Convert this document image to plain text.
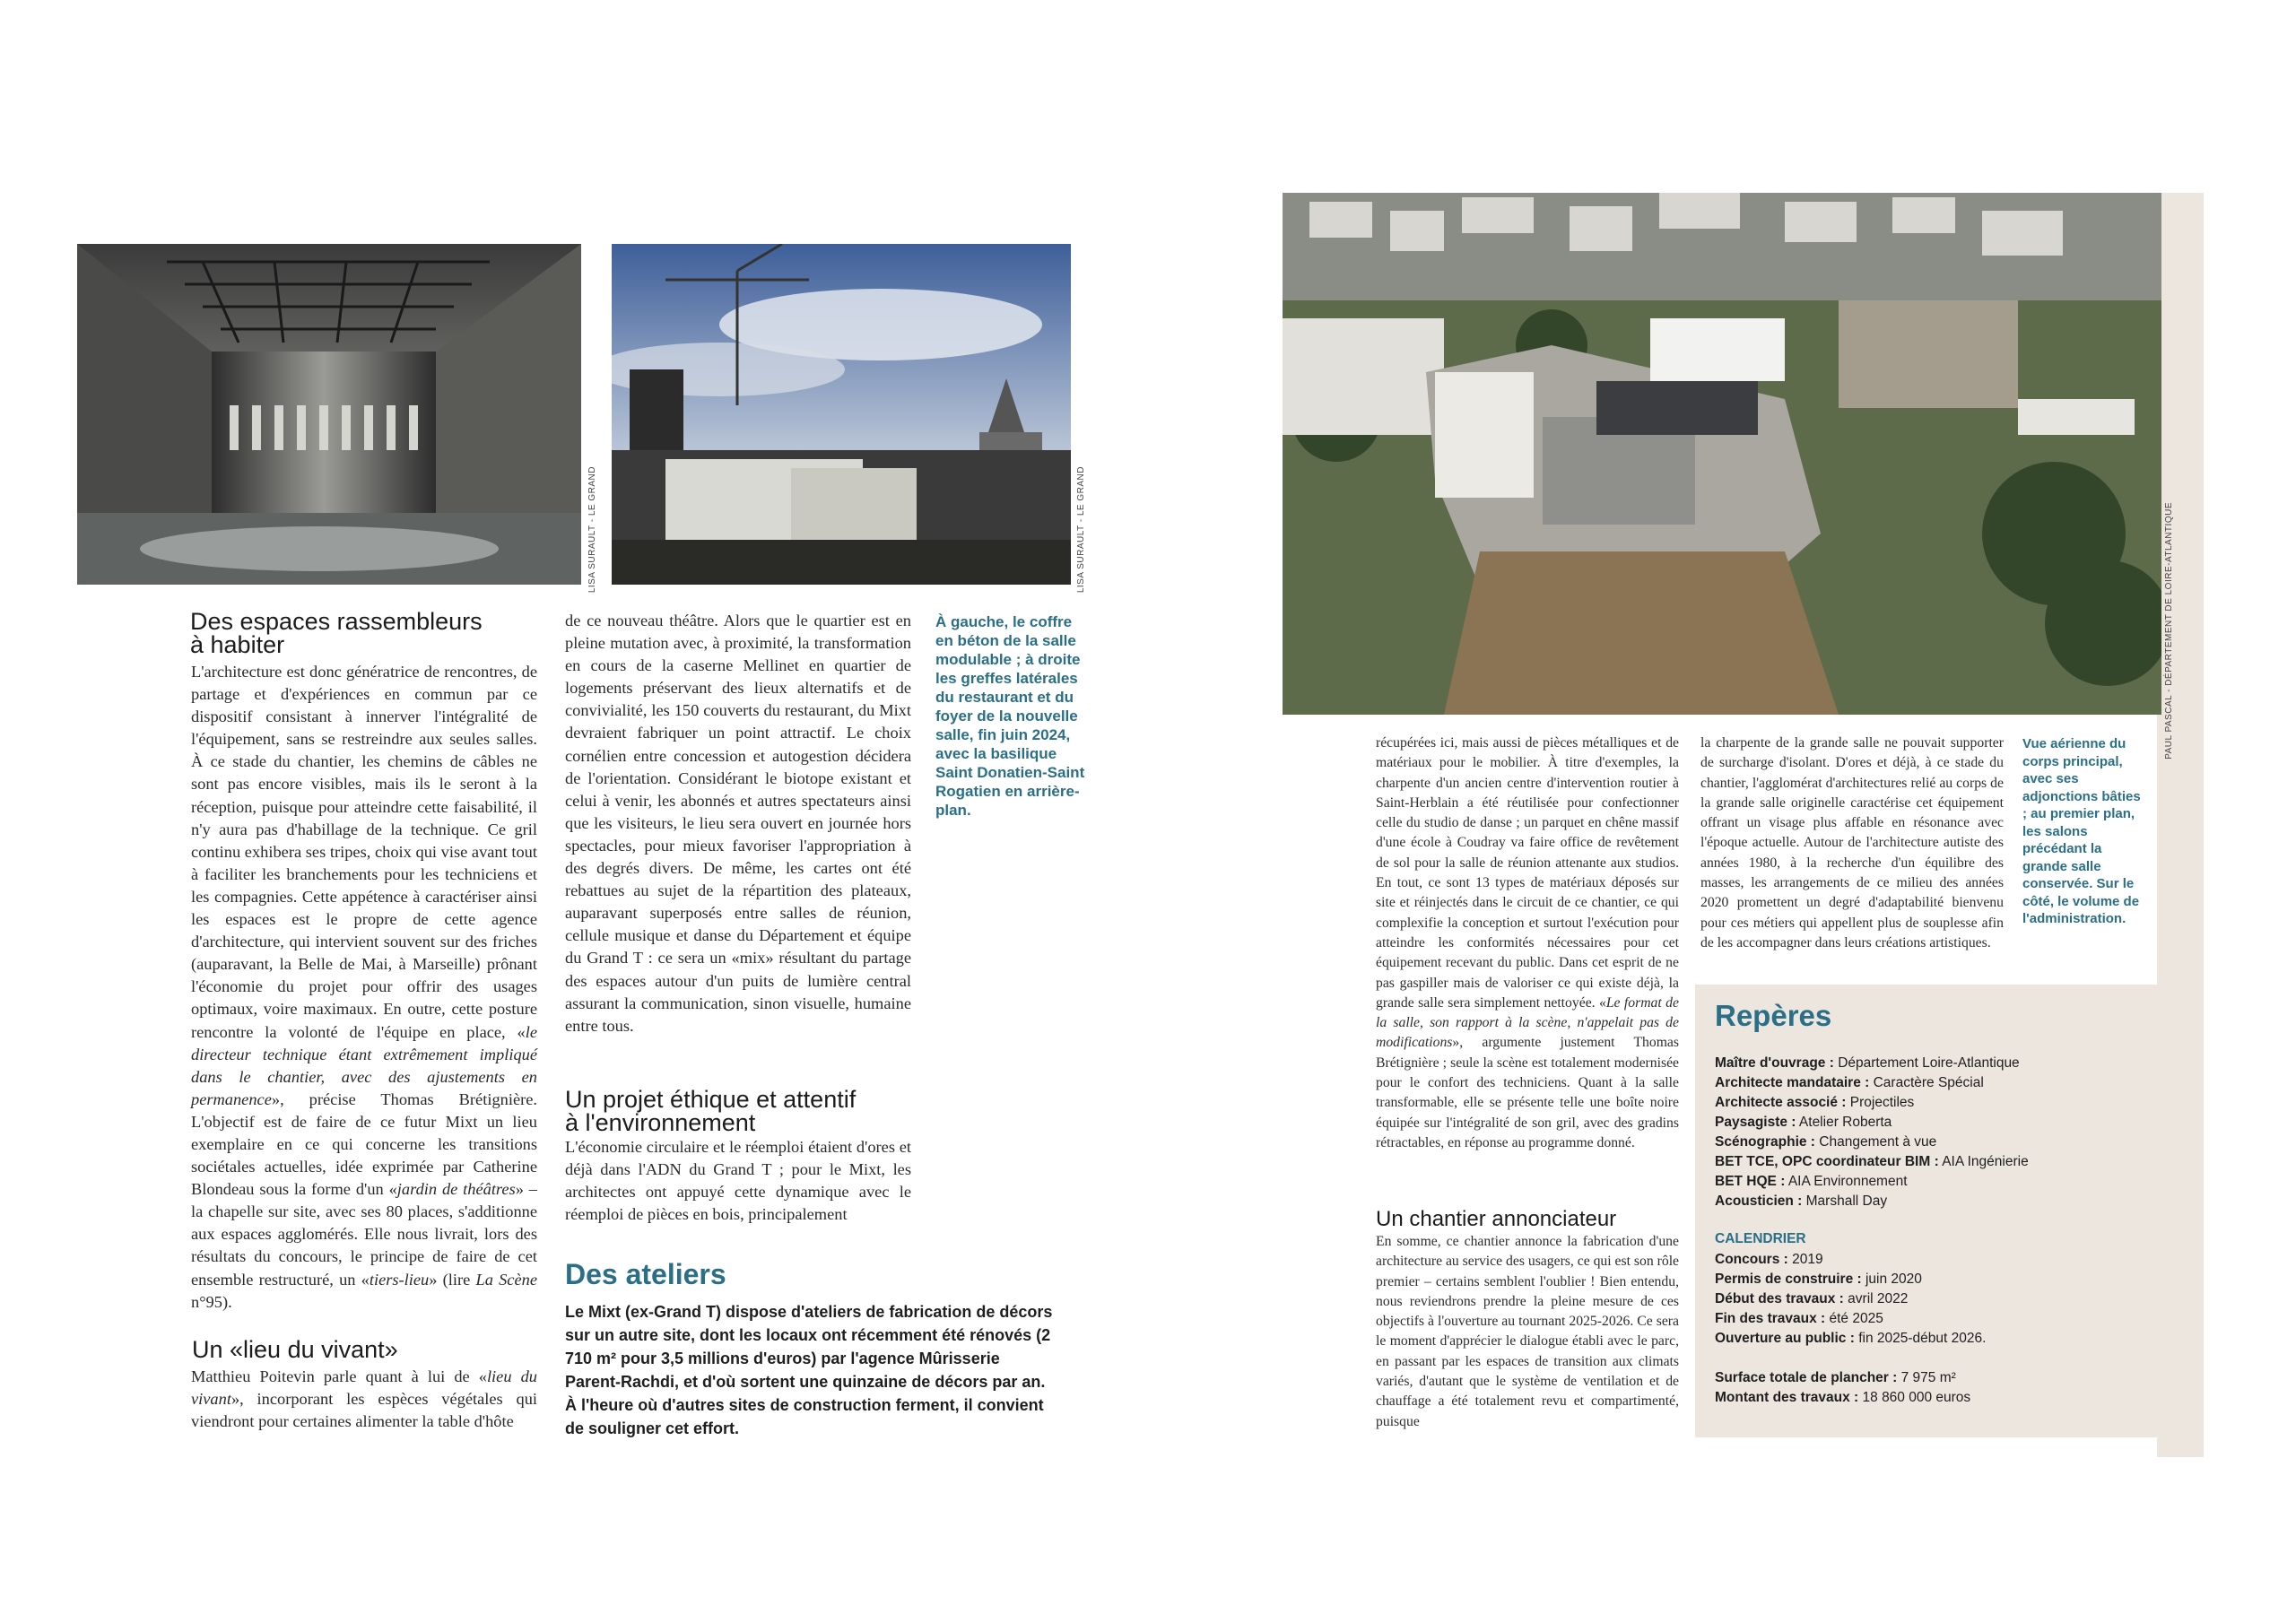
LISA SURAULT - LE GRAND	LISA SURAULT - LE GRAND
À gauche, le coffre en béton de la salle modulable ; à droite les greffes latérales du restaurant et du foyer de la nouvelle salle, fin juin 2024, avec la basilique Saint Donatien-Saint Rogatien en arrière-plan.
Des espaces rassembleurs
à habiter
L'architecture est donc génératrice de rencontres, de partage et d'expériences en commun par ce dispositif consistant à innerver l'intégralité de l'équipement, sans se restreindre aux seules salles. À ce stade du chantier, les chemins de câbles ne sont pas encore visibles, mais ils le seront à la réception, puisque pour atteindre cette faisabilité, il n'y aura pas d'habillage de la technique. Ce gril continu exhibera ses tripes, choix qui vise avant tout à faciliter les branchements pour les techniciens et les compagnies. Cette appétence à caractériser ainsi les espaces est le propre de cette agence d'architecture, qui intervient souvent sur des friches (auparavant, la Belle de Mai, à Marseille) prônant l'économie du projet pour offrir des usages optimaux, voire maximaux. En outre, cette posture rencontre la volonté de l'équipe en place, «le directeur technique étant extrêmement impliqué dans le chantier, avec des ajustements en permanence», précise Thomas Brétignière. L'objectif est de faire de ce futur Mixt un lieu exemplaire en ce qui concerne les transitions sociétales actuelles, idée exprimée par Catherine Blondeau sous la forme d'un «jardin de théâtres» – la chapelle sur site, avec ses 80 places, s'additionne aux espaces agglomérés. Elle nous livrait, lors des résultats du concours, le principe de faire de cet ensemble restructuré, un «tiers-lieu» (lire La Scène n°95).
Un «lieu du vivant»
Matthieu Poitevin parle quant à lui de «lieu du vivant», incorporant les espèces végétales qui viendront pour certaines alimenter la table d'hôte
de ce nouveau théâtre. Alors que le quartier est en pleine mutation avec, à proximité, la transformation en cours de la caserne Mellinet en quartier de logements préservant des lieux alternatifs et de convivialité, les 150 couverts du restaurant, du Mixt devraient fabriquer un point attractif. Le choix cornélien entre concession et autogestion décidera de l'orientation. Considérant le biotope existant et celui à venir, les abonnés et autres spectateurs ainsi que les visiteurs, le lieu sera ouvert en journée hors spectacles, pour mieux favoriser l'appropriation à des degrés divers. De même, les cartes ont été rebattues au sujet de la répartition des plateaux, auparavant superposés entre salles de réunion, cellule musique et danse du Département et équipe du Grand T : ce sera un «mix» résultant du partage des espaces autour d'un puits de lumière central assurant la communication, sinon visuelle, humaine entre tous.
Un projet éthique et attentif
à l'environnement
L'économie circulaire et le réemploi étaient d'ores et déjà dans l'ADN du Grand T ; pour le Mixt, les architectes ont appuyé cette dynamique avec le réemploi de pièces en bois, principalement
Des ateliers
Le Mixt (ex-Grand T) dispose d'ateliers de fabrication de décors sur un autre site, dont les locaux ont récemment été rénovés (2 710 m² pour 3,5 millions d'euros) par l'agence Mûrisserie Parent-Rachdi, et d'où sortent une quinzaine de décors par an. À l'heure où d'autres sites de construction ferment, il convient de souligner cet effort.
PAUL PASCAL - DÉPARTEMENT DE LOIRE-ATLANTIQUE
récupérées ici, mais aussi de pièces métalliques et de matériaux pour le mobilier. À titre d'exemples, la charpente d'un ancien centre d'intervention routier à Saint-Herblain a été réutilisée pour confectionner celle du studio de danse ; un parquet en chêne massif d'une école à Coudray va faire office de revêtement de sol pour la salle de réunion attenante aux studios. En tout, ce sont 13 types de matériaux déposés sur site et réinjectés dans le circuit de ce chantier, ce qui complexifie la conception et surtout l'exécution pour atteindre les conformités nécessaires pour cet équipement recevant du public. Dans cet esprit de ne pas gaspiller mais de valoriser ce qui existe déjà, la grande salle sera simplement nettoyée. «Le format de la salle, son rapport à la scène, n'appelait pas de modifications», argumente justement Thomas Brétignière ; seule la scène est totalement modernisée pour le confort des techniciens. Quant à la salle transformable, elle se présente telle une boîte noire équipée sur l'intégralité de son gril, avec des gradins rétractables, en réponse au programme donné.
Un chantier annonciateur
En somme, ce chantier annonce la fabrication d'une architecture au service des usagers, ce qui est son rôle premier – certains semblent l'oublier ! Bien entendu, nous reviendrons prendre la pleine mesure de ces objectifs à l'ouverture au tournant 2025-2026. Ce sera le moment d'apprécier le dialogue établi avec le parc, en passant par les espaces de transition aux climats variés, d'autant que le système de ventilation et de chauffage a été totalement revu et compartimenté, puisque
la charpente de la grande salle ne pouvait supporter de surcharge d'isolant. D'ores et déjà, à ce stade du chantier, l'agglomérat d'architectures relié au corps de la grande salle originelle caractérise cet équipement offrant un visage plus affable en résonance avec l'époque actuelle. Autour de l'architecture autiste des années 1980, à la recherche d'un équilibre des masses, les arrangements de ce milieu des années 2020 promettent un degré d'adaptabilité bienvenu pour ces métiers qui appellent plus de souplesse afin de les accompagner dans leurs créations artistiques.
Vue aérienne du corps principal, avec ses adjonctions bâties ; au premier plan, les salons précédant la grande salle conservée. Sur le côté, le volume de l'administration.
Repères
Maître d'ouvrage : Département Loire-Atlantique
Architecte mandataire : Caractère Spécial
Architecte associé : Projectiles
Paysagiste : Atelier Roberta
Scénographie : Changement à vue
BET TCE, OPC coordinateur BIM : AIA Ingénierie
BET HQE : AIA Environnement
Acousticien : Marshall Day
CALENDRIER
Concours : 2019
Permis de construire : juin 2020
Début des travaux : avril 2022
Fin des travaux : été 2025
Ouverture au public : fin 2025-début 2026.
Surface totale de plancher : 7 975 m²
Montant des travaux : 18 860 000 euros
